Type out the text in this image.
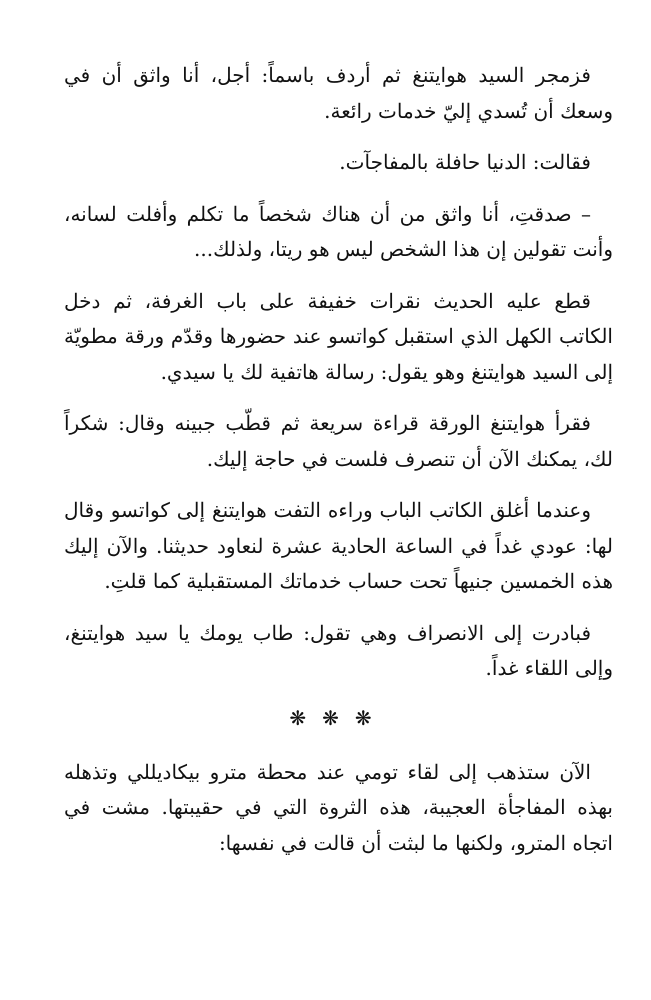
فزمجر السيد هوايتنغ ثم أردف باسماً: أجل، أنا واثق أن في وسعك أن تُسدي إليّ خدمات رائعة.

فقالت: الدنيا حافلة بالمفاجآت.

– صدقتِ، أنا واثق من أن هناك شخصاً ما تكلم وأفلت لسانه، وأنت تقولين إن هذا الشخص ليس هو ريتا، ولذلك...

قطع عليه الحديث نقرات خفيفة على باب الغرفة، ثم دخل الكاتب الكهل الذي استقبل كواتسو عند حضورها وقدّم ورقة مطويّة إلى السيد هوايتنغ وهو يقول: رسالة هاتفية لك يا سيدي.

فقرأ هوايتنغ الورقة قراءة سريعة ثم قطّب جبينه وقال: شكراً لك، يمكنك الآن أن تنصرف فلست في حاجة إليك.

وعندما أغلق الكاتب الباب وراءه التفت هوايتنغ إلى كواتسو وقال لها: عودي غداً في الساعة الحادية عشرة لنعاود حديثنا. والآن إليك هذه الخمسين جنيهاً تحت حساب خدماتك المستقبلية كما قلتِ.

فبادرت إلى الانصراف وهي تقول: طاب يومك يا سيد هوايتنغ، وإلى اللقاء غداً.

❋❋❋

الآن ستذهب إلى لقاء تومي عند محطة مترو بيكاديللي وتذهله بهذه المفاجأة العجيبة، هذه الثروة التي في حقيبتها. مشت في اتجاه المترو، ولكنها ما لبثت أن قالت في نفسها:
